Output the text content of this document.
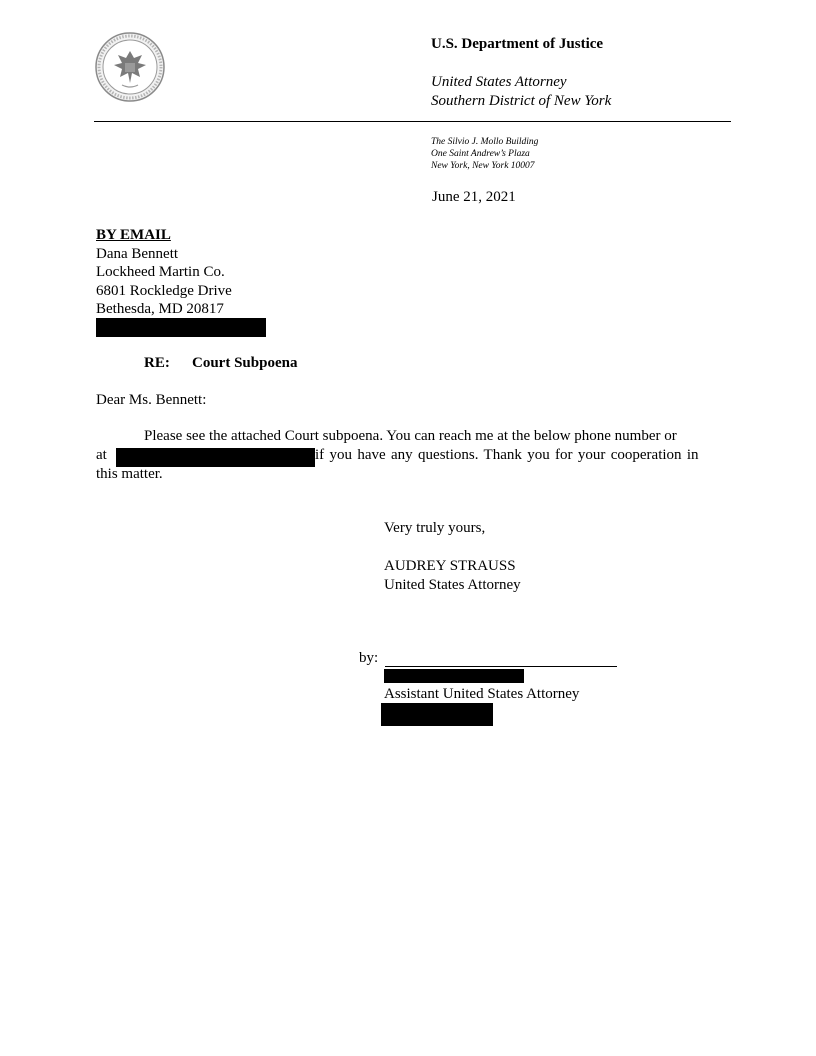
U.S. Department of Justice
United States Attorney
Southern District of New York
The Silvio J. Mollo Building
One Saint Andrew’s Plaza
New York, New York 10007
June 21, 2021
BY EMAIL
Dana Bennett
Lockheed Martin Co.
6801 Rockledge Drive
Bethesda, MD 20817
RE: Court Subpoena
Dear Ms. Bennett:
Please see the attached Court subpoena. You can reach me at the below phone number or
at	if you have any questions. Thank you for your cooperation in
this matter.
Very truly yours,
AUDREY STRAUSS
United States Attorney
by:
Assistant United States Attorney
